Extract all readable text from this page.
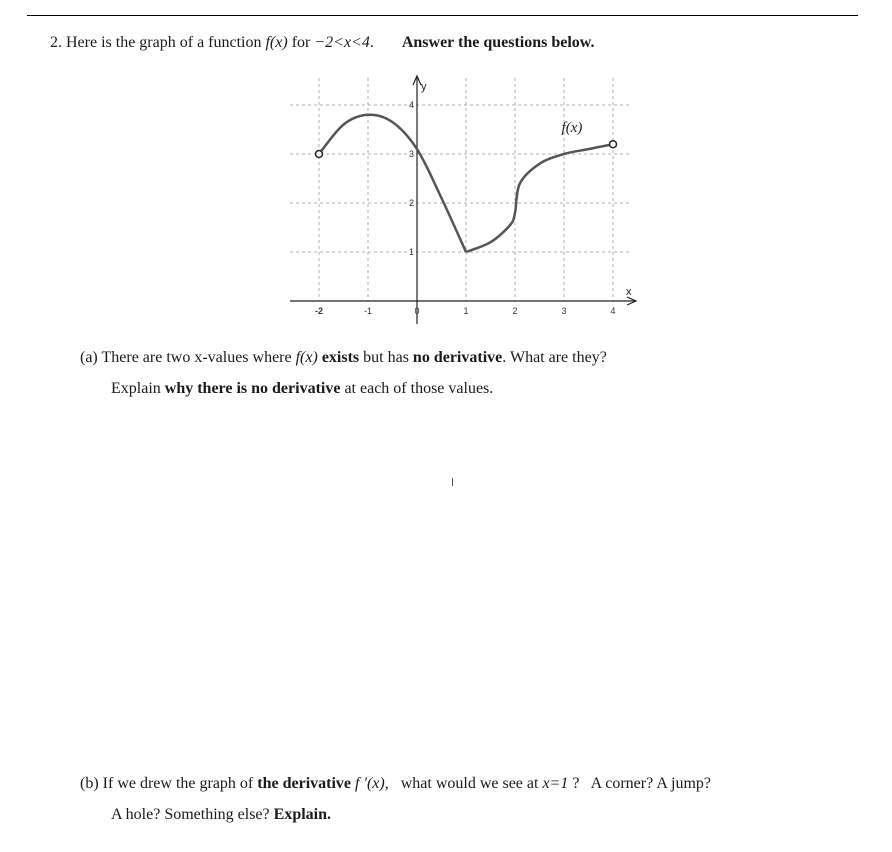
2. Here is the graph of a function f(x) for −2<x<4. Answer the questions below.
x
y
-2	-1	0	1	2	3	4
1
2
3
4
f(x)
(a) There are two x-values where f(x) exists but has no derivative. What are they?
Explain why there is no derivative at each of those values.
(b) If we drew the graph of the derivative f ′(x),   what would we see at x=1 ?   A corner? A jump?
A hole? Something else? Explain.
